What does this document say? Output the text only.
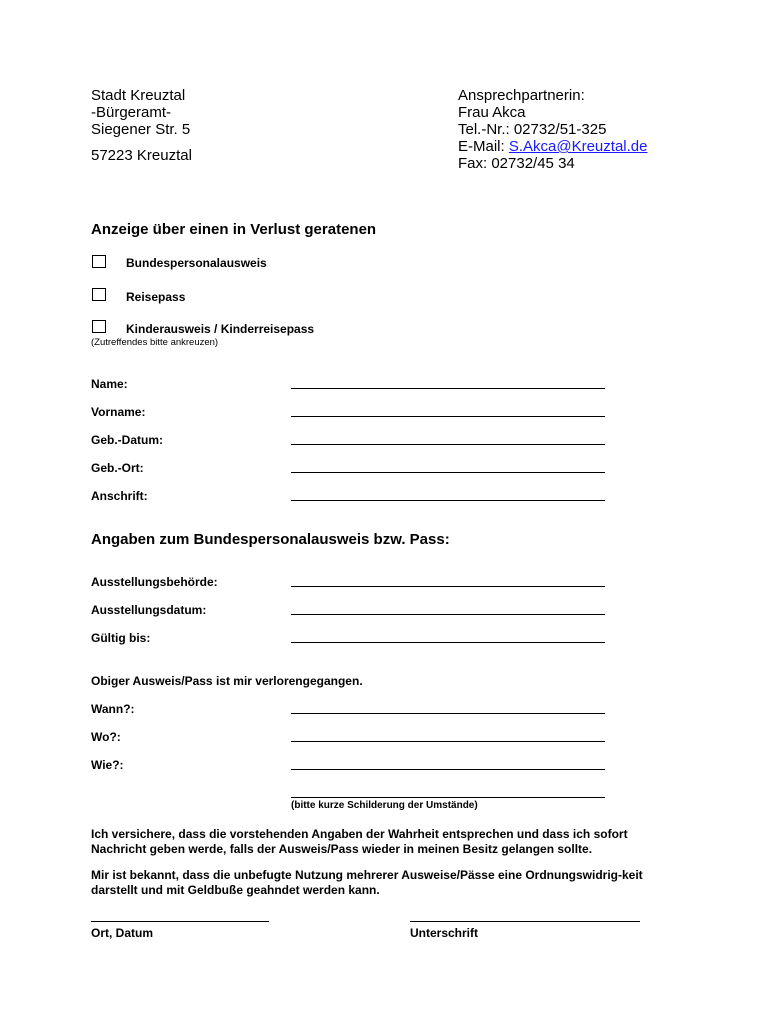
Stadt Kreuztal
-Bürgeramt-
Siegener Str. 5
57223 Kreuztal
Ansprechpartnerin:
Frau Akca
Tel.-Nr.: 02732/51-325
E-Mail: S.Akca@Kreuztal.de
Fax: 02732/45 34
Anzeige über einen in Verlust geratenen
Bundespersonalausweis
Reisepass
Kinderausweis / Kinderreisepass
(Zutreffendes bitte ankreuzen)
Name:
Vorname:
Geb.-Datum:
Geb.-Ort:
Anschrift:
Angaben zum Bundespersonalausweis bzw. Pass:
Ausstellungsbehörde:
Ausstellungsdatum:
Gültig bis:
Obiger Ausweis/Pass ist mir verlorengegangen.
Wann?:
Wo?:
Wie?:
(bitte kurze Schilderung der Umstände)
Ich versichere, dass die vorstehenden Angaben der Wahrheit entsprechen und dass ich sofort Nachricht geben werde, falls der Ausweis/Pass wieder in meinen Besitz gelangen sollte.
Mir ist bekannt, dass die unbefugte Nutzung mehrerer Ausweise/Pässe eine Ordnungswidrig-keit darstellt und mit Geldbuße geahndet werden kann.
Ort, Datum	Unterschrift
